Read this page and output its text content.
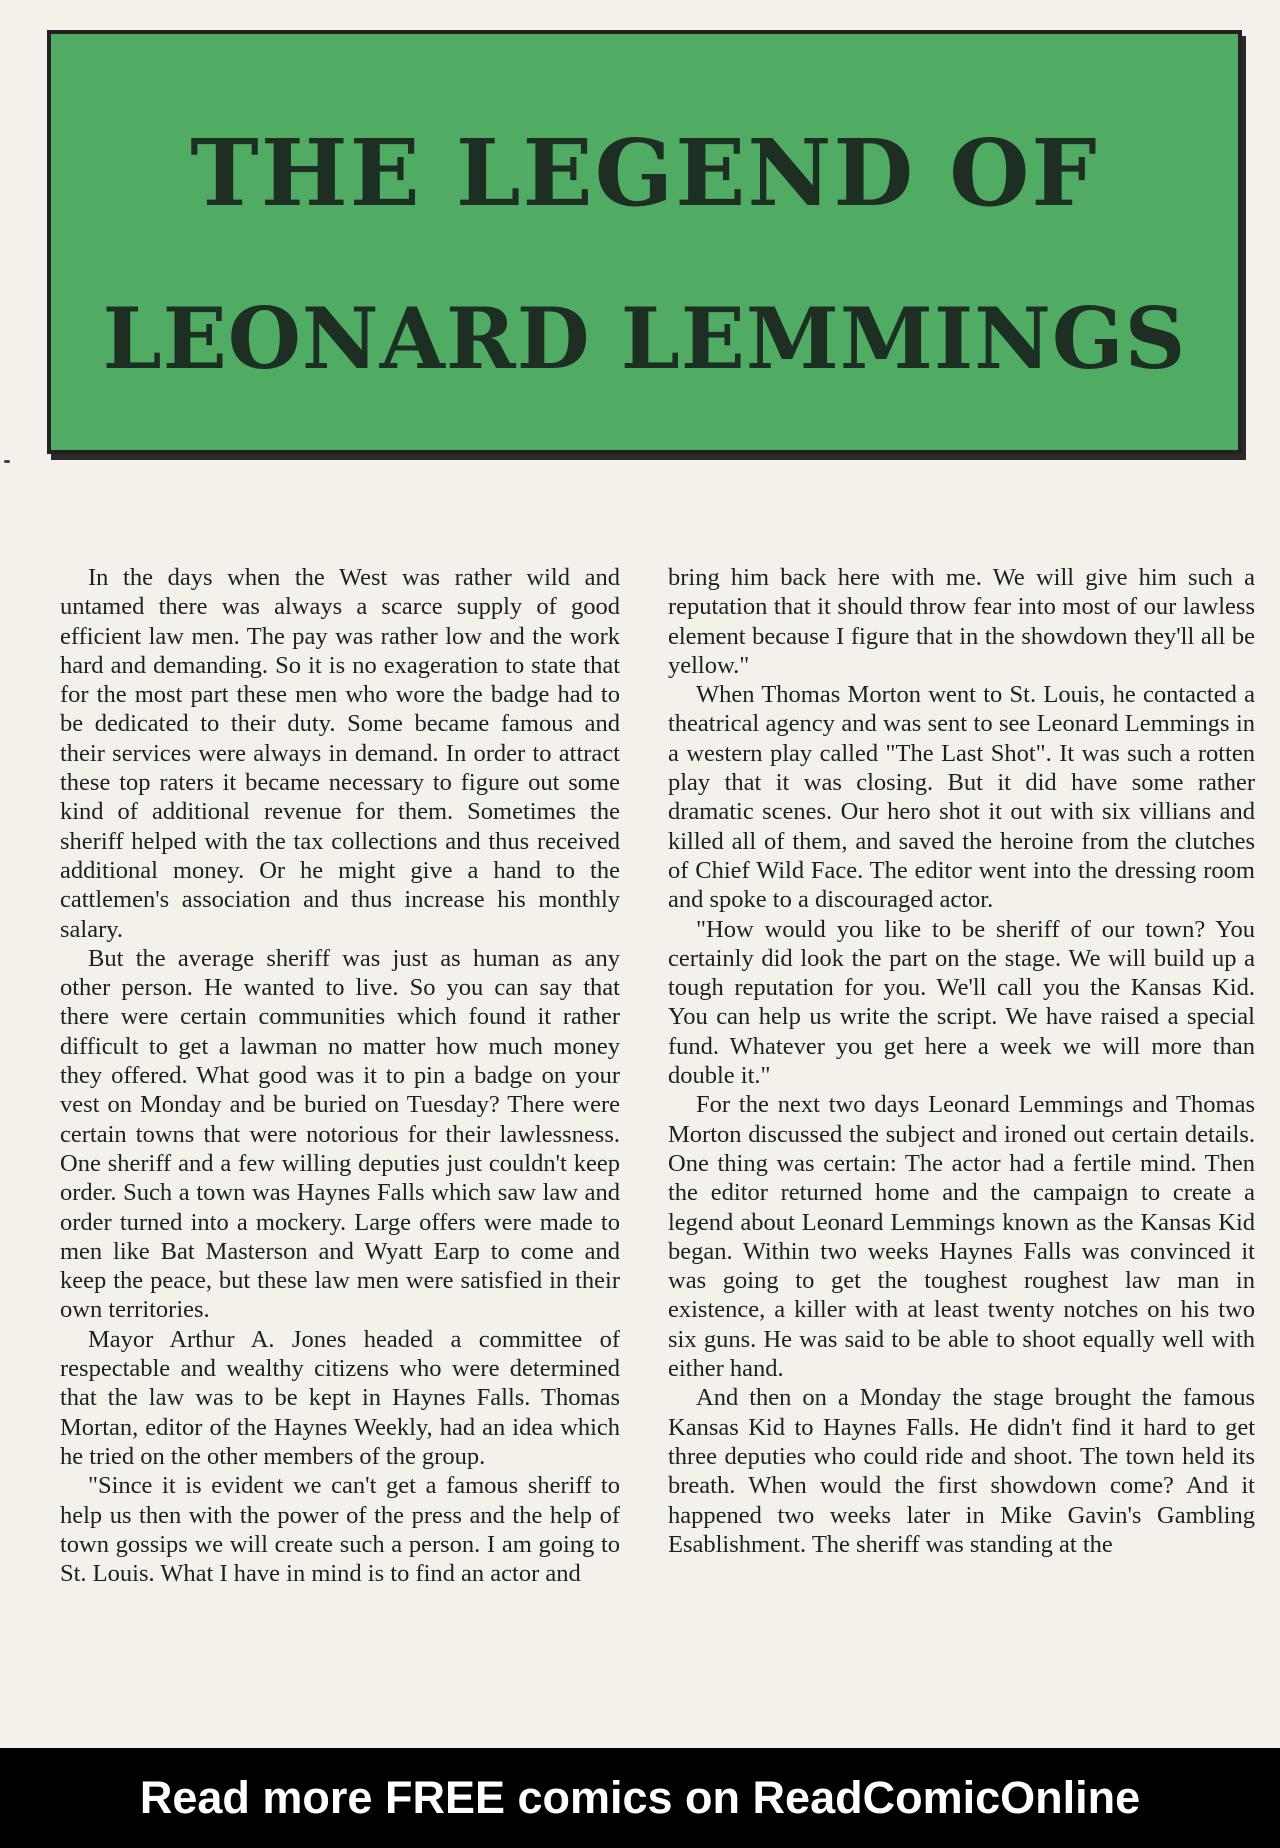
THE LEGEND OF
LEONARD LEMMINGS

In the days when the West was rather wild and untamed there was always a scarce supply of good efficient law men. The pay was rather low and the work hard and demanding. So it is no exageration to state that for the most part these men who wore the badge had to be dedicated to their duty. Some became famous and their services were always in demand. In order to attract these top raters it became necessary to figure out some kind of additional revenue for them. Sometimes the sheriff helped with the tax collections and thus received additional money. Or he might give a hand to the cattlemen's association and thus increase his monthly salary.

But the average sheriff was just as human as any other person. He wanted to live. So you can say that there were certain communities which found it rather difficult to get a lawman no matter how much money they offered. What good was it to pin a badge on your vest on Monday and be buried on Tuesday? There were certain towns that were notorious for their lawlessness. One sheriff and a few willing deputies just couldn't keep order. Such a town was Haynes Falls which saw law and order turned into a mockery. Large offers were made to men like Bat Masterson and Wyatt Earp to come and keep the peace, but these law men were satisfied in their own territories.

Mayor Arthur A. Jones headed a committee of respectable and wealthy citizens who were determined that the law was to be kept in Haynes Falls. Thomas Mortan, editor of the Haynes Weekly, had an idea which he tried on the other members of the group.

"Since it is evident we can't get a famous sheriff to help us then with the power of the press and the help of town gossips we will create such a person. I am going to St. Louis. What I have in mind is to find an actor and

bring him back here with me. We will give him such a reputation that it should throw fear into most of our lawless element because I figure that in the showdown they'll all be yellow."

When Thomas Morton went to St. Louis, he contacted a theatrical agency and was sent to see Leonard Lemmings in a western play called "The Last Shot". It was such a rotten play that it was closing. But it did have some rather dramatic scenes. Our hero shot it out with six villians and killed all of them, and saved the heroine from the clutches of Chief Wild Face. The editor went into the dressing room and spoke to a discouraged actor.

"How would you like to be sheriff of our town? You certainly did look the part on the stage. We will build up a tough reputation for you. We'll call you the Kansas Kid. You can help us write the script. We have raised a special fund. Whatever you get here a week we will more than double it."

For the next two days Leonard Lemmings and Thomas Morton discussed the subject and ironed out certain details. One thing was certain: The actor had a fertile mind. Then the editor returned home and the campaign to create a legend about Leonard Lemmings known as the Kansas Kid began. Within two weeks Haynes Falls was convinced it was going to get the toughest roughest law man in existence, a killer with at least twenty notches on his two six guns. He was said to be able to shoot equally well with either hand.

And then on a Monday the stage brought the famous Kansas Kid to Haynes Falls. He didn't find it hard to get three deputies who could ride and shoot. The town held its breath. When would the first showdown come? And it happened two weeks later in Mike Gavin's Gambling Esablishment. The sheriff was standing at the

Read more FREE comics on ReadComicOnline
